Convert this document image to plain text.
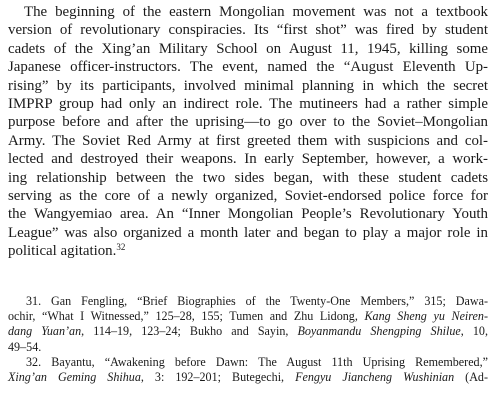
The beginning of the eastern Mongolian movement was not a textbook
version of revolutionary conspiracies. Its “first shot” was fired by student
cadets of the Xing’an Military School on August 11, 1945, killing some
Japanese officer-instructors. The event, named the “August Eleventh Up-
rising” by its participants, involved minimal planning in which the secret
IMPRP group had only an indirect role. The mutineers had a rather simple
purpose before and after the uprising—to go over to the Soviet–Mongolian
Army. The Soviet Red Army at first greeted them with suspicions and col-
lected and destroyed their weapons. In early September, however, a work-
ing relationship between the two sides began, with these student cadets
serving as the core of a newly organized, Soviet-endorsed police force for
the Wangyemiao area. An “Inner Mongolian People’s Revolutionary Youth
League” was also organized a month later and began to play a major role in
political agitation.$^{32}$

31. Gan Fengling, “Brief Biographies of the Twenty-One Members,” 315; Dawa-
ochir, “What I Witnessed,” 125–28, 155; Tumen and Zhu Lidong, Kang Sheng yu Neiren-
dang Yuan’an, 114–19, 123–24; Bukho and Sayin, Boyanmandu Shengping Shilue, 10,
49–54.

32. Bayantu, “Awakening before Dawn: The August 11th Uprising Remembered,”
Xing’an Geming Shihua, 3: 192–201; Butegechi, Fengyu Jiancheng Wushinian (Ad-
